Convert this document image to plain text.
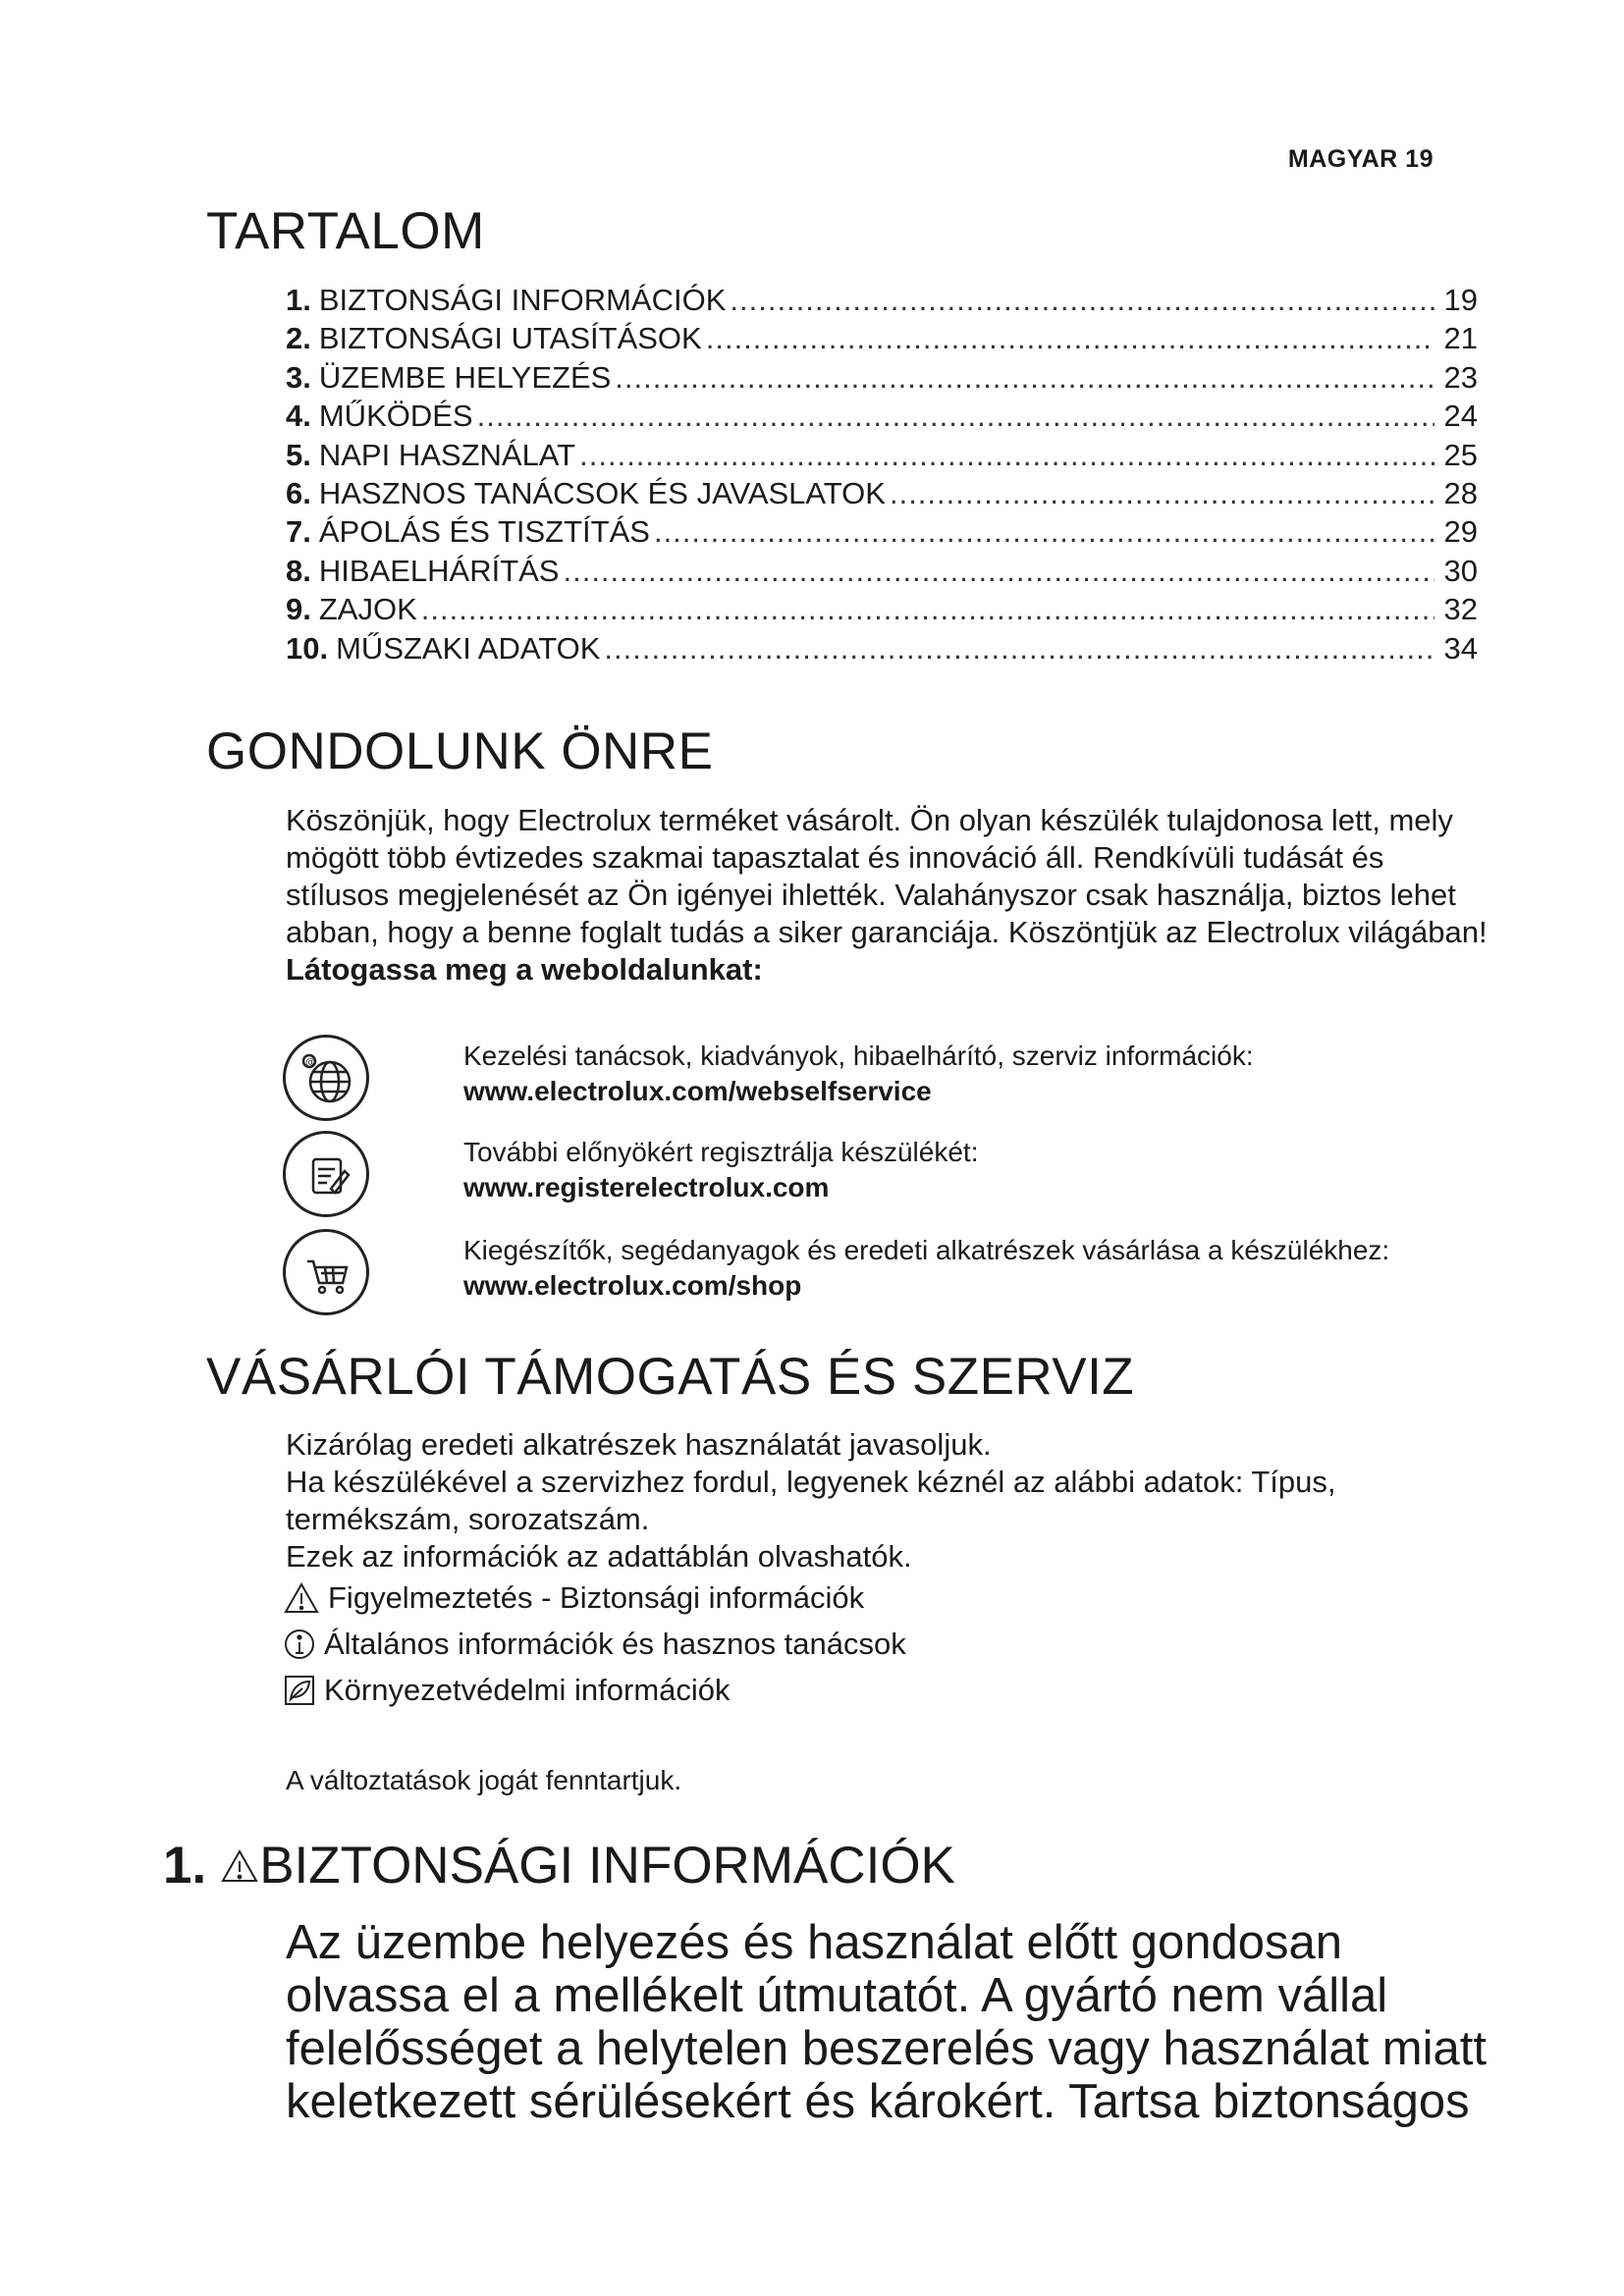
MAGYAR 19
TARTALOM
1. BIZTONSÁGI INFORMÁCIÓK .....	19
2. BIZTONSÁGI UTASÍTÁSOK .....	21
3. ÜZEMBE HELYEZÉS .....	23
4. MŰKÖDÉS .....	24
5. NAPI HASZNÁLAT .....	25
6. HASZNOS TANÁCSOK ÉS JAVASLATOK .....	28
7. ÁPOLÁS ÉS TISZTÍTÁS .....	29
8. HIBAELHÁRÍTÁS .....	30
9. ZAJOK .....	32
10. MŰSZAKI ADATOK .....	34
GONDOLUNK ÖNRE

Köszönjük, hogy Electrolux terméket vásárolt. Ön olyan készülék tulajdonosa lett, mely mögött több évtizedes szakmai tapasztalat és innováció áll. Rendkívüli tudását és stílusos megjelenését az Ön igényei ihlették. Valahányszor csak használja, biztos lehet abban, hogy a benne foglalt tudás a siker garanciája. Köszöntjük az Electrolux világában!

Látogassa meg a weboldalunkat:

@	Kezelési tanácsok, kiadványok, hibaelhárító, szerviz információk:
www.electrolux.com/webselfservice
További előnyökért regisztrálja készülékét:
www.registerelectrolux.com
Kiegészítők, segédanyagok és eredeti alkatrészek vásárlása a készülékhez:
www.electrolux.com/shop
VÁSÁRLÓI TÁMOGATÁS ÉS SZERVIZ

Kizárólag eredeti alkatrészek használatát javasoljuk.

Ha készülékével a szervizhez fordul, legyenek kéznél az alábbi adatok: Típus, termékszám, sorozatszám.

Ezek az információk az adattáblán olvashatók.

Figyelmeztetés - Biztonsági információk
Általános információk és hasznos tanácsok
Környezetvédelmi információk

A változtatások jogát fenntartjuk.

1. BIZTONSÁGI INFORMÁCIÓK

Az üzembe helyezés és használat előtt gondosan olvassa el a mellékelt útmutatót. A gyártó nem vállal felelősséget a helytelen beszerelés vagy használat miatt keletkezett sérülésekért és károkért. Tartsa biztonságos
